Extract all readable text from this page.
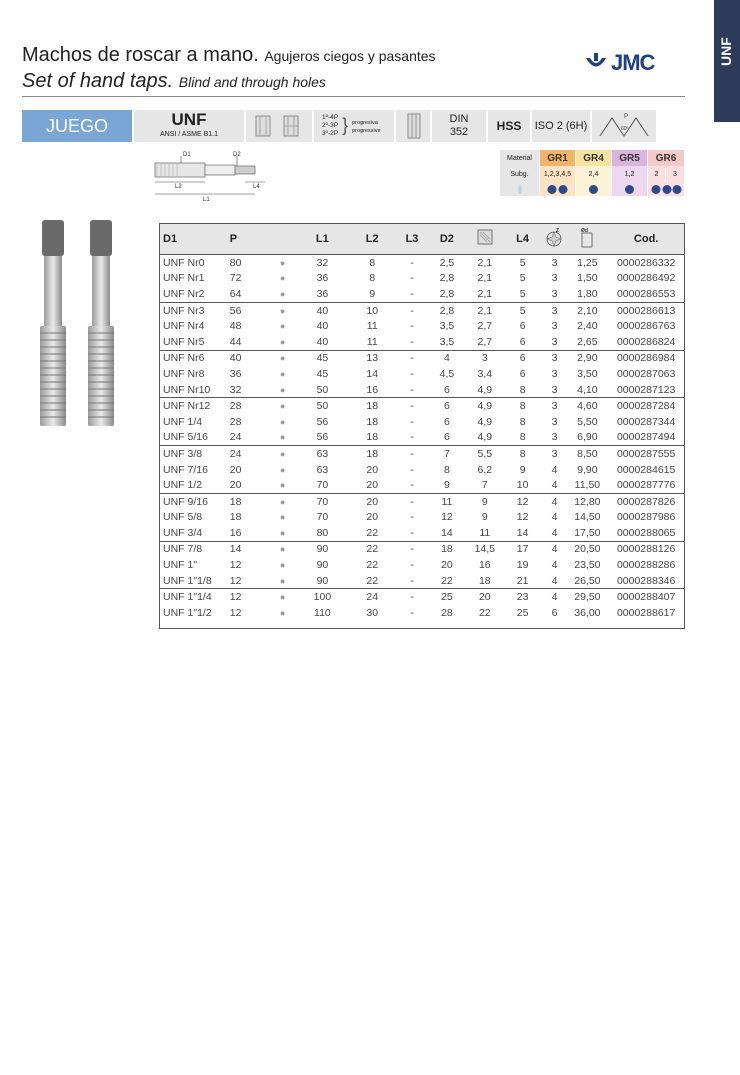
UNF
Machos de roscar a mano. Agujeros ciegos y pasantes
Set of hand taps. Blind and through holes
JMC
JUEGO	UNF
ANSI / ASME B1.1
1º-4P
2º-3P
3º-2P } progresiva
progressive
DIN
352	HSS	ISO 2 (6H)
P
60º
Material	GR1	GR4	GR5	GR6
Subg.	1,2,3,4,5	2,4	1,2	2	3
D1	D2
L2
L1
L4
D1	P	L1	L2	L3	D2	L4
Z	Ød
Cod.
UNF Nr0	80	●	32	8	-	2,5	2,1	5	3	1,25	0000286332
UNF Nr1	72	●	36	8	-	2,8	2,1	5	3	1,50	0000286492
UNF Nr2	64	●	36	9	-	2,8	2,1	5	3	1,80	0000286553
UNF Nr3	56	●	40	10	-	2,8	2,1	5	3	2,10	0000286613
UNF Nr4	48	●	40	11	-	3,5	2,7	6	3	2,40	0000286763
UNF Nr5	44	●	40	11	-	3,5	2,7	6	3	2,65	0000286824
UNF Nr6	40	●	45	13	-	4	3	6	3	2,90	0000286984
UNF Nr8	36	●	45	14	-	4,5	3,4	6	3	3,50	0000287063
UNF Nr10	32	●	50	16	-	6	4,9	8	3	4,10	0000287123
UNF Nr12	28	●	50	18	-	6	4,9	8	3	4,60	0000287284
UNF 1/4	28	●	56	18	-	6	4,9	8	3	5,50	0000287344
UNF 5/16	24	●	56	18	-	6	4,9	8	3	6,90	0000287494
UNF 3/8	24	●	63	18	-	7	5,5	8	3	8,50	0000287555
UNF 7/16	20	●	63	20	-	8	6,2	9	4	9,90	0000284615
UNF 1/2	20	●	70	20	-	9	7	10	4	11,50	0000287776
UNF 9/16	18	●	70	20	-	11	9	12	4	12,80	0000287826
UNF 5/8	18	●	70	20	-	12	9	12	4	14,50	0000287986
UNF 3/4	16	●	80	22	-	14	11	14	4	17,50	0000288065
UNF 7/8	14	●	90	22	-	18	14,5	17	4	20,50	0000288126
UNF 1"	12	●	90	22	-	20	16	19	4	23,50	0000288286
UNF 1"1/8	12	●	90	22	-	22	18	21	4	26,50	0000288346
UNF 1"1/4	12	●	100	24	-	25	20	23	4	29,50	0000288407
UNF 1"1/2	12	●	110	30	-	28	22	25	6	36,00	0000288617
